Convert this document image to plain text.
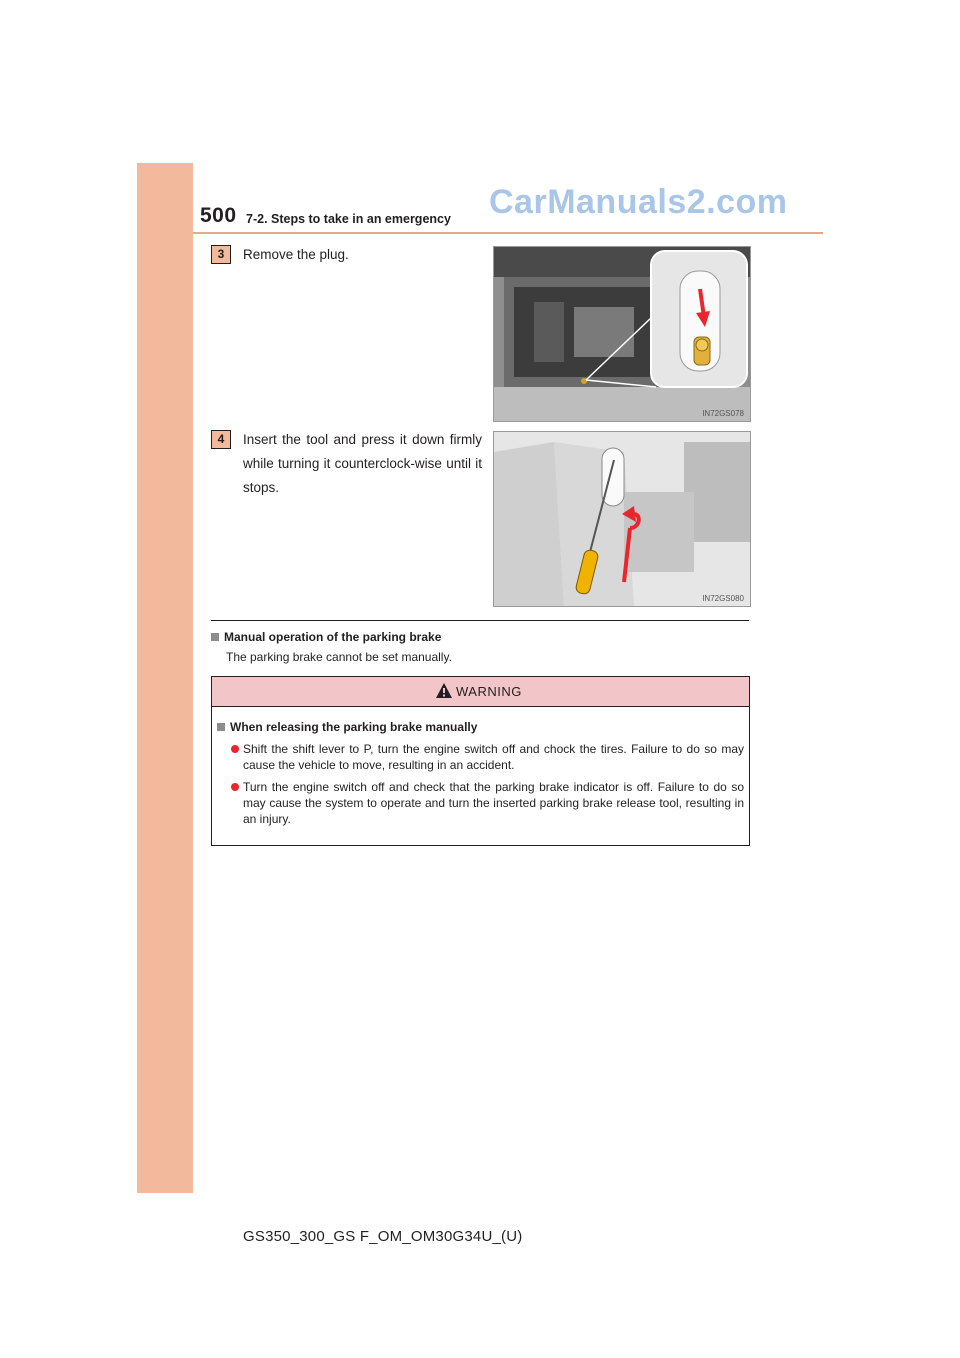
500 7-2. Steps to take in an emergency CarManuals2.com
3	Remove the plug.
IN72GS078
4	Insert the tool and press it down firmly while turning it counterclock-wise until it stops.
IN72GS080
Manual operation of the parking brake
The parking brake cannot be set manually.
WARNING
When releasing the parking brake manually
Shift the shift lever to P, turn the engine switch off and chock the tires. Failure to do so may cause the vehicle to move, resulting in an accident.
Turn the engine switch off and check that the parking brake indicator is off. Failure to do so may cause the system to operate and turn the inserted parking brake release tool, resulting in an injury.
GS350_300_GS F_OM_OM30G34U_(U)
